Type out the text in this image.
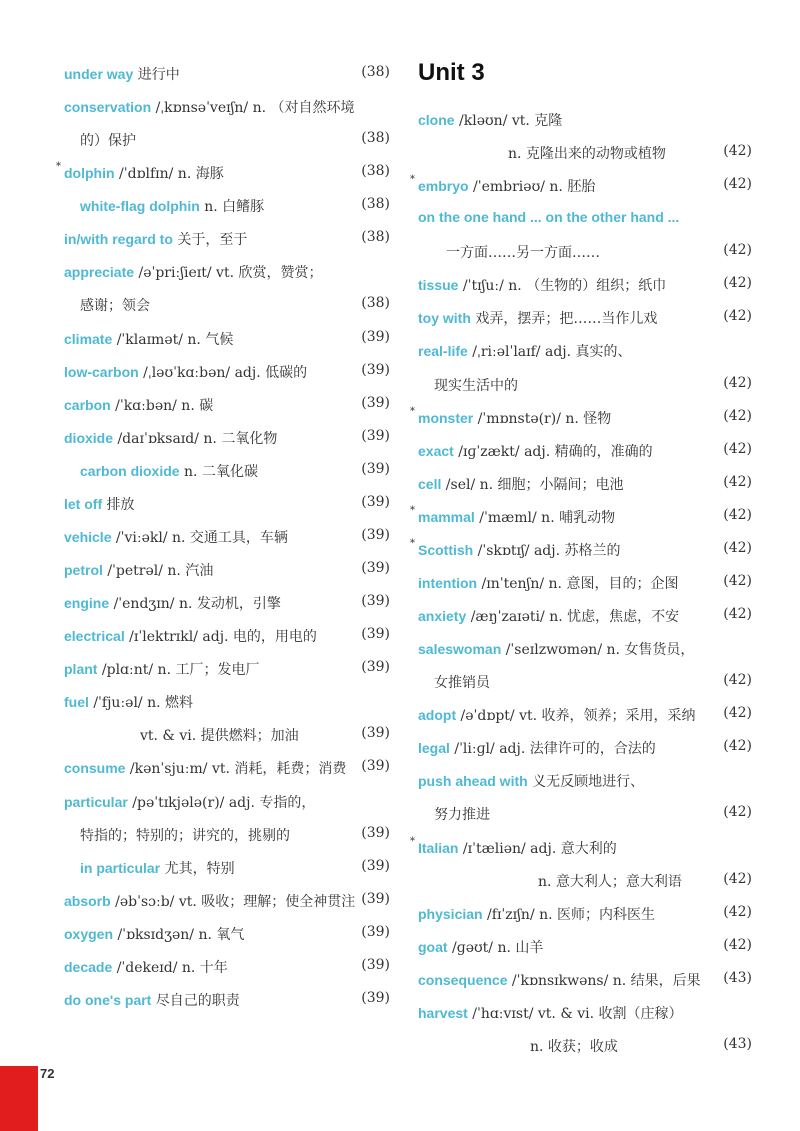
under way 进行中	(38)
conservation /ˌkɒnsəˈveɪʃn/ n. （对自然环境
的）保护	(38)
* dolphin /ˈdɒlfɪn/ n. 海豚	(38)
white-flag dolphin n. 白鳍豚	(38)
in/with regard to 关于，至于	(38)
appreciate /əˈpriːʃieɪt/ vt. 欣赏，赞赏；
感谢；领会	(38)
climate /ˈklaɪmət/ n. 气候	(39)
low-carbon /ˌləʊˈkɑːbən/ adj. 低碳的	(39)
carbon /ˈkɑːbən/ n. 碳	(39)
dioxide /daɪˈɒksaɪd/ n. 二氧化物	(39)
carbon dioxide n. 二氧化碳	(39)
let off 排放	(39)
vehicle /ˈviːəkl/ n. 交通工具，车辆	(39)
petrol /ˈpetrəl/ n. 汽油	(39)
engine /ˈendʒɪn/ n. 发动机，引擎	(39)
electrical /ɪˈlektrɪkl/ adj. 电的，用电的	(39)
plant /plɑːnt/ n. 工厂；发电厂	(39)
fuel /ˈfjuːəl/ n. 燃料
vt. & vi. 提供燃料；加油	(39)
consume /kənˈsjuːm/ vt. 消耗，耗费；消费 (39)
particular /pəˈtɪkjələ(r)/ adj. 专指的，
特指的；特别的；讲究的，挑剔的	(39)
in particular 尤其，特别	(39)
absorb /əbˈsɔːb/ vt. 吸收；理解；使全神贯注 (39)
oxygen /ˈɒksɪdʒən/ n. 氧气	(39)
decade /ˈdekeɪd/ n. 十年	(39)
do one's part 尽自己的职责	(39)
Unit 3
clone /kləʊn/ vt. 克隆
n. 克隆出来的动物或植物	(42)
* embryo /ˈembriəʊ/ n. 胚胎	(42)
on the one hand ... on the other hand ...
一方面……另一方面……	(42)
tissue /ˈtɪʃuː/ n. （生物的）组织；纸巾	(42)
toy with 戏弄，摆弄；把……当作儿戏	(42)
real-life /ˌriːəlˈlaɪf/ adj. 真实的、
现实生活中的	(42)
* monster /ˈmɒnstə(r)/ n. 怪物	(42)
exact /ɪɡˈzækt/ adj. 精确的，准确的	(42)
cell /sel/ n. 细胞；小隔间；电池	(42)
* mammal /ˈmæml/ n. 哺乳动物	(42)
* Scottish /ˈskɒtɪʃ/ adj. 苏格兰的	(42)
intention /ɪnˈtenʃn/ n. 意图，目的；企图	(42)
anxiety /æŋˈzaɪəti/ n. 忧虑，焦虑，不安	(42)
saleswoman /ˈseɪlzwʊmən/ n. 女售货员，
女推销员	(42)
adopt /əˈdɒpt/ vt. 收养，领养；采用，采纳 (42)
legal /ˈliːɡl/ adj. 法律许可的，合法的	(42)
push ahead with 义无反顾地进行、
努力推进	(42)
* Italian /ɪˈtæliən/ adj. 意大利的
n. 意大利人；意大利语	(42)
physician /fɪˈzɪʃn/ n. 医师；内科医生	(42)
goat /ɡəʊt/ n. 山羊	(42)
consequence /ˈkɒnsɪkwəns/ n. 结果，后果 (43)
harvest /ˈhɑːvɪst/ vt. & vi. 收割（庄稼）
n. 收获；收成	(43)
72
